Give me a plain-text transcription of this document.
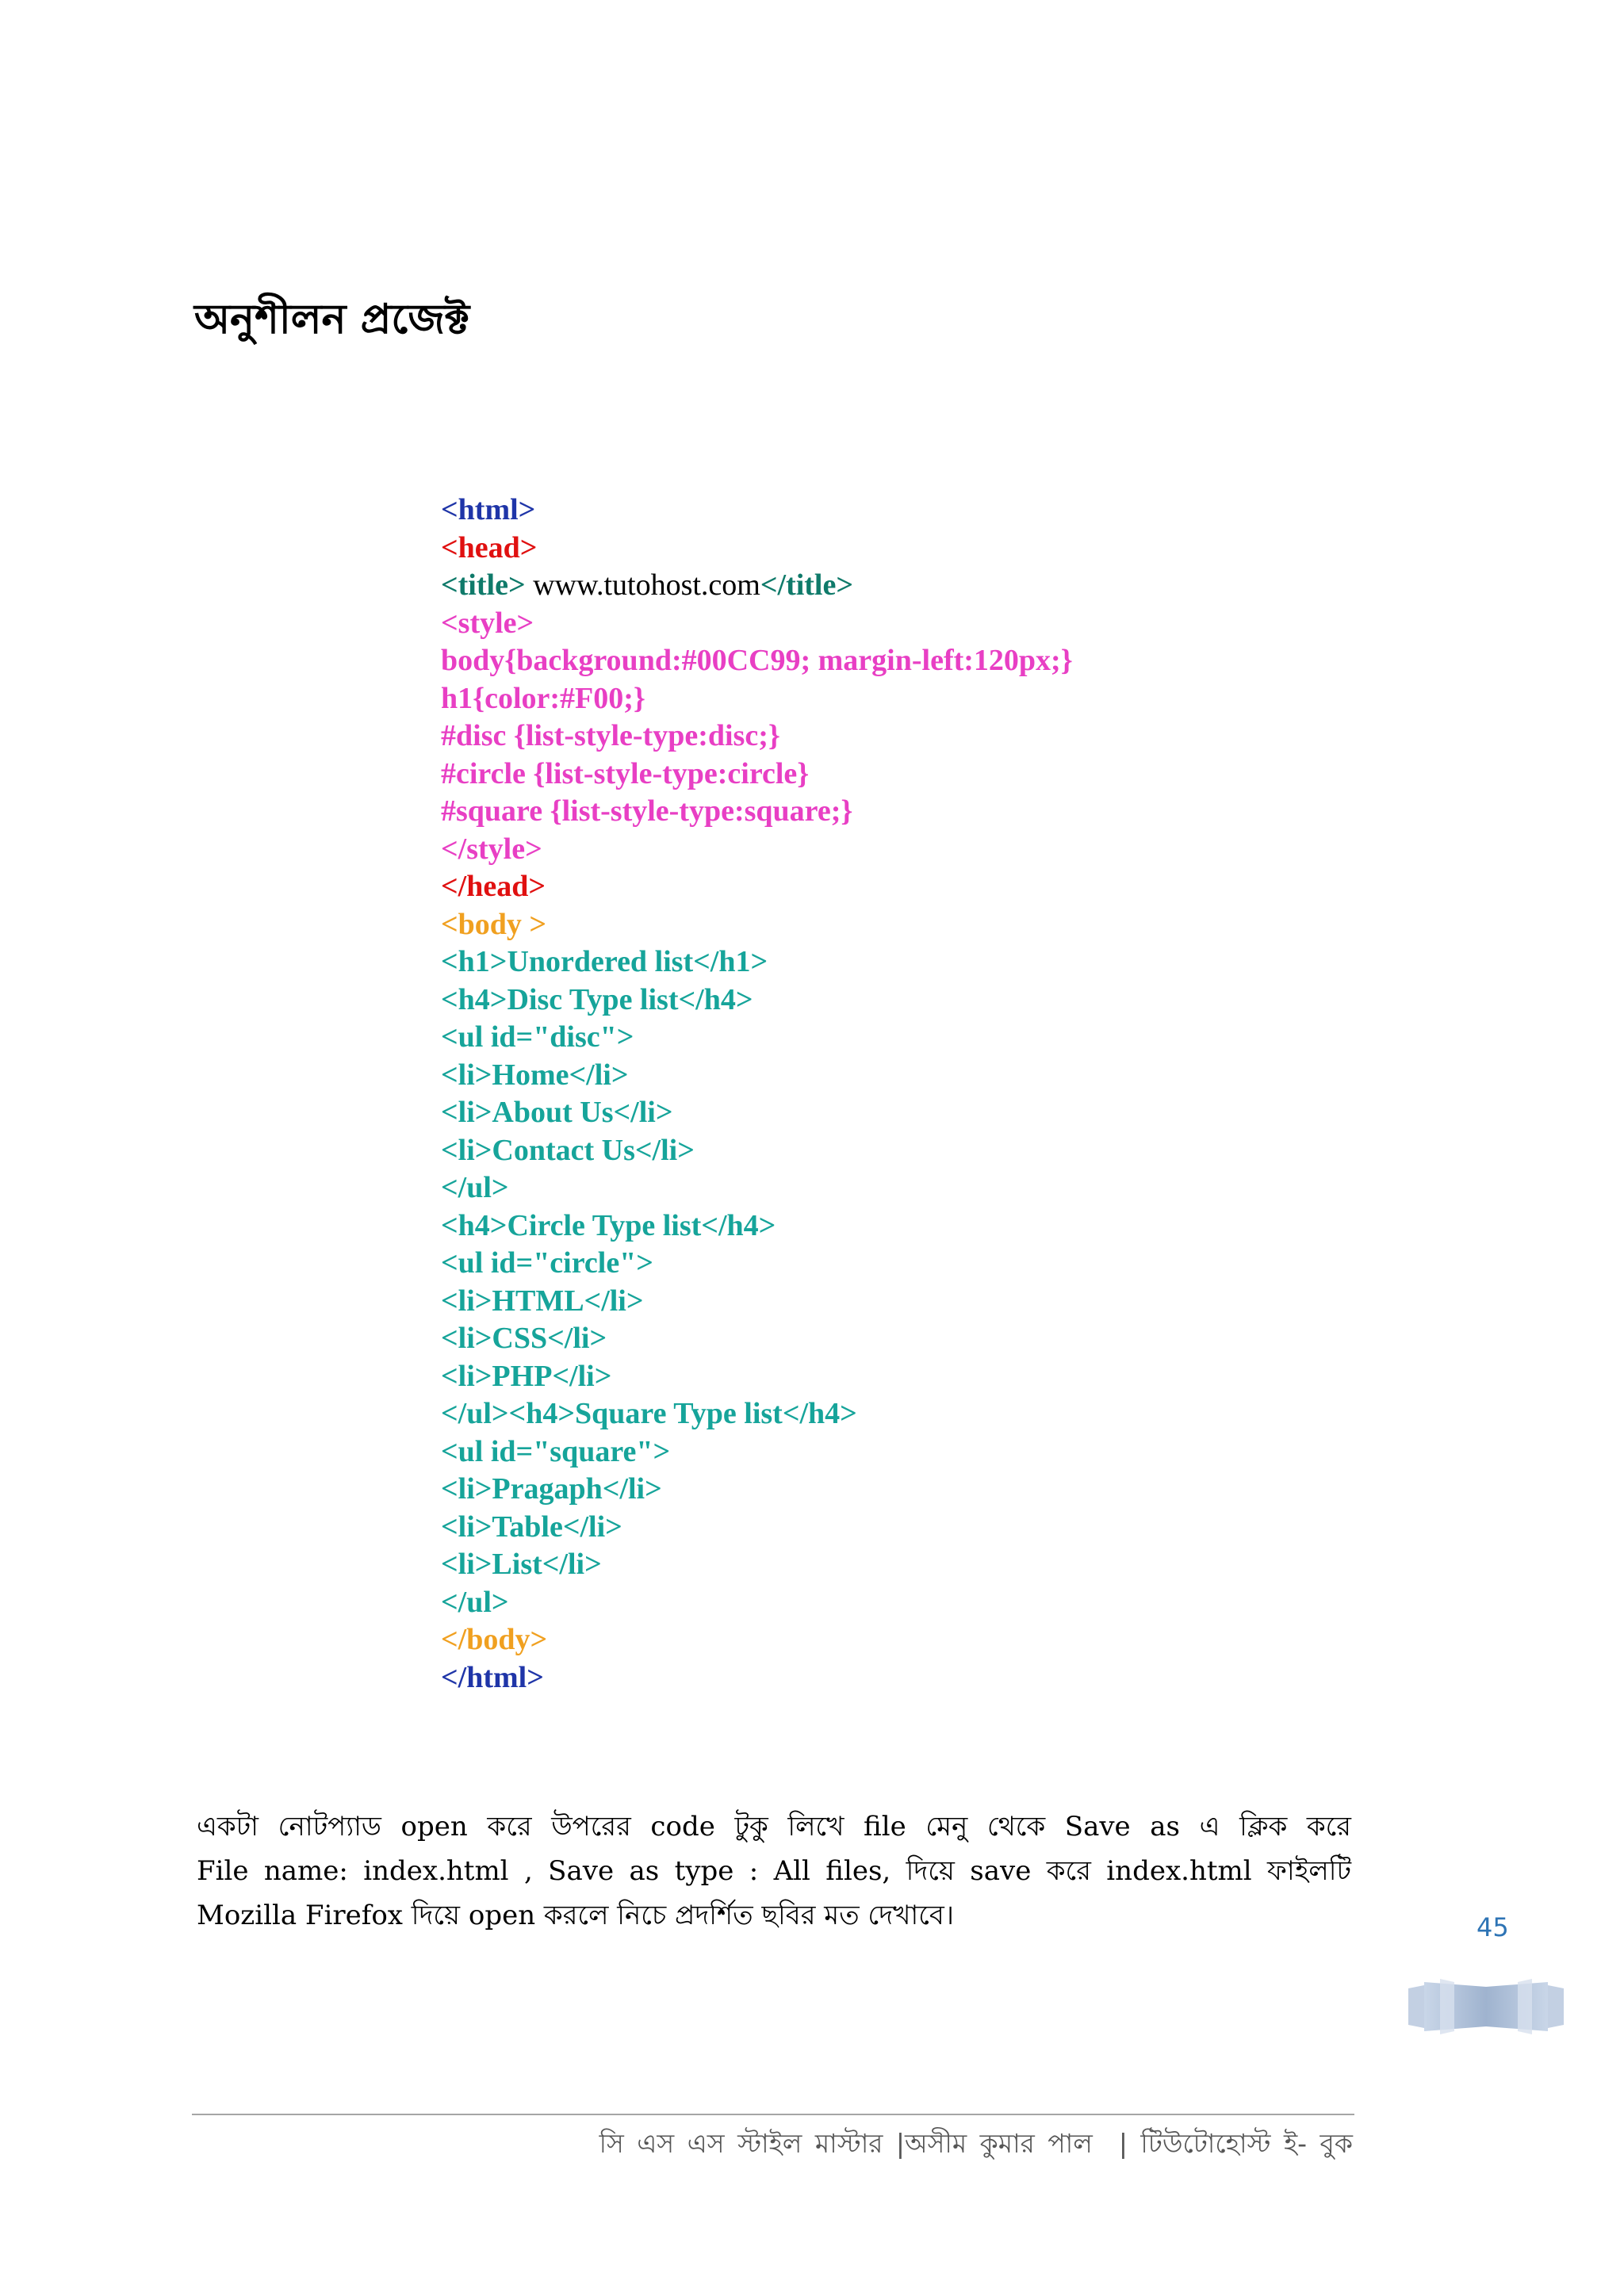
অনুশীলন প্রজেক্ট
<html>
<head>
<title> www.tutohost.com</title>
<style>
body{background:#00CC99; margin-left:120px;}
h1{color:#F00;}
#disc {list-style-type:disc;}
#circle {list-style-type:circle}
#square {list-style-type:square;}
</style>
</head>
<body >
<h1>Unordered list</h1>
<h4>Disc Type list</h4>
<ul id="disc">
<li>Home</li>
<li>About Us</li>
<li>Contact Us</li>
</ul>
<h4>Circle Type list</h4>
<ul id="circle">
<li>HTML</li>
<li>CSS</li>
<li>PHP</li>
</ul><h4>Square Type list</h4>
<ul id="square">
<li>Pragaph</li>
<li>Table</li>
<li>List</li>
</ul>
</body>
</html>
একটা নোটপ্যাড open করে উপরের code টুকু লিখে file মেনু থেকে Save as এ ক্লিক করে
File name: index.html , Save as type : All files, দিয়ে save করে index.html ফাইলটি
Mozilla Firefox দিয়ে open করলে নিচে প্রদর্শিত ছবির মত দেখাবে।	45
সি এস এস স্টাইল মাস্টার |অসীম কুমার পাল  | টিউটোহোস্ট ই- বুক
